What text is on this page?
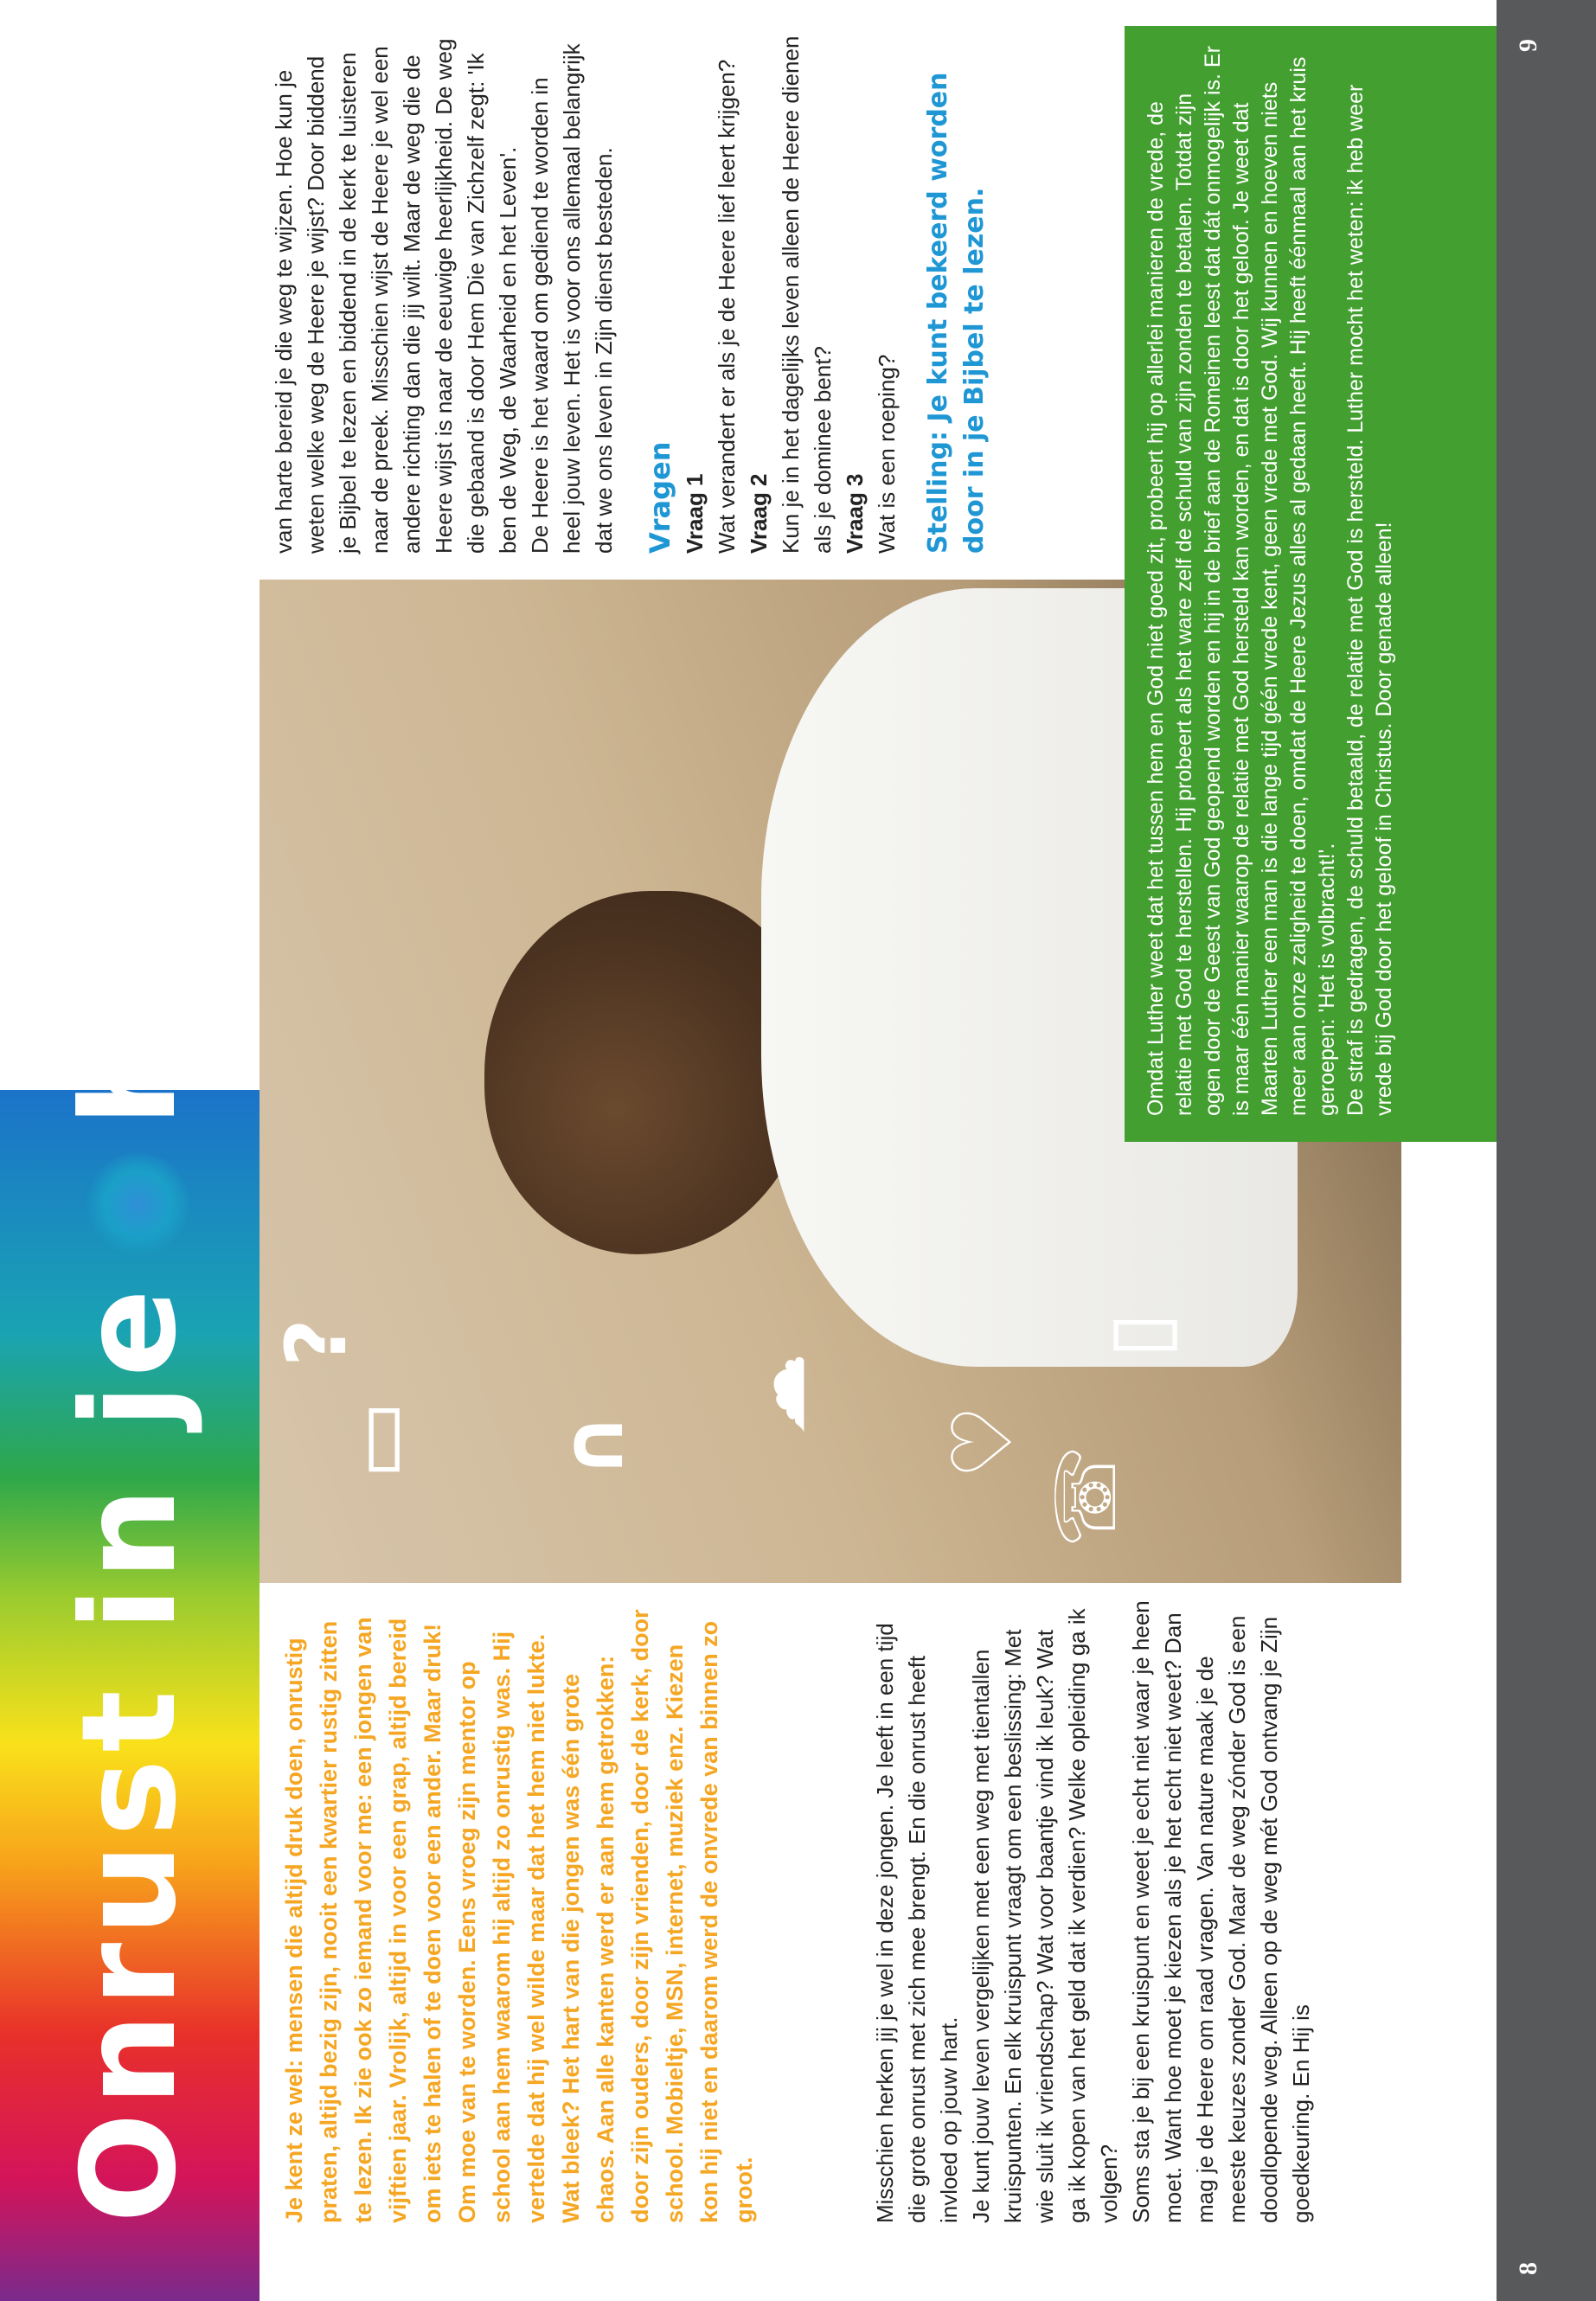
Onrust in jehart
Je kent ze wel: mensen die altijd druk doen, onrustig praten, altijd bezig zijn, nooit een kwartier rustig zitten te lezen. Ik zie ook zo iemand voor me: een jongen van vijftien jaar. Vrolijk, altijd in voor een grap, altijd bereid om iets te halen of te doen voor een ander. Maar druk! Om moe van te worden. Eens vroeg zijn mentor op school aan hem waarom hij altijd zo onrustig was. Hij vertelde dat hij wel wilde maar dat het hem niet lukte. Wat bleek? Het hart van die jongen was één grote chaos. Aan alle kanten werd er aan hem getrokken: door zijn ouders, door zijn vrienden, door de kerk, door school. Mobieltje, MSN, internet, muziek enz. Kiezen kon hij niet en daarom werd de onvrede van binnen zo groot.	Misschien herken jij je wel in deze jongen. Je leeft in een tijd die grote onrust met zich mee brengt. En die onrust heeft invloed op jouw hart. Je kunt jouw leven vergelijken met een weg met tientallen kruispunten. En elk kruispunt vraagt om een beslissing: Met wie sluit ik vriendschap? Wat voor baantje vind ik leuk? Wat ga ik kopen van het geld dat ik verdien? Welke opleiding ga ik volgen? Soms sta je bij een kruispunt en weet je echt niet waar je heen moet. Want hoe moet je kiezen als je het echt niet weet? Dan mag je de Heere om raad vragen. Van nature maak je de meeste keuzes zonder God. Maar de weg zónder God is een doodlopende weg. Alleen op de weg mét God ontvang je Zijn goedkeuring. En Hij is

☏
♡
☁
∩
▭
?	▯

van harte bereid je die weg te wijzen. Hoe kun je weten welke weg de Heere je wijst? Door biddend je Bijbel te lezen en biddend in de kerk te luisteren naar de preek. Misschien wijst de Heere je wel een andere richting dan die jij wilt. Maar de weg die de Heere wijst is naar de eeuwige heerlijkheid. De weg die gebaand is door Hem Die van Zichzelf zegt: 'Ik ben de Weg, de Waarheid en het Leven'. De Heere is het waard om gediend te worden in heel jouw leven. Het is voor ons allemaal belangrijk dat we ons leven in Zijn dienst besteden. Vragen Vraag 1 Wat verandert er als je de Heere lief leert krijgen? Vraag 2 Kun je in het dagelijks leven alleen de Heere dienen als je dominee bent? Vraag 3 Wat is een roeping? Stelling: Je kunt bekeerd worden door in je Bijbel te lezen.	Omdat Luther weet dat het tussen hem en God niet goed zit, probeert hij op allerlei manieren de vrede, de relatie met God te herstellen. Hij probeert als het ware zelf de schuld van zijn zonden te betalen. Totdat zijn ogen door de Geest van God geopend worden en hij in de brief aan de Romeinen leest dat dát onmogelijk is. Er is maar één manier waarop de relatie met God hersteld kan worden, en dat is door het geloof. Je weet dat Maarten Luther een man is die lange tijd géén vrede kent, geen vrede met God. Wij kunnen en hoeven niets meer aan onze zaligheid te doen, omdat de Heere Jezus alles al gedaan heeft. Hij heeft éénmaal aan het kruis geroepen: 'Het is volbracht!'. De straf is gedragen, de schuld betaald, de relatie met God is hersteld. Luther mocht het weten: ik heb weer vrede bij God door het geloof in Christus. Door genade alleen!

8
9
